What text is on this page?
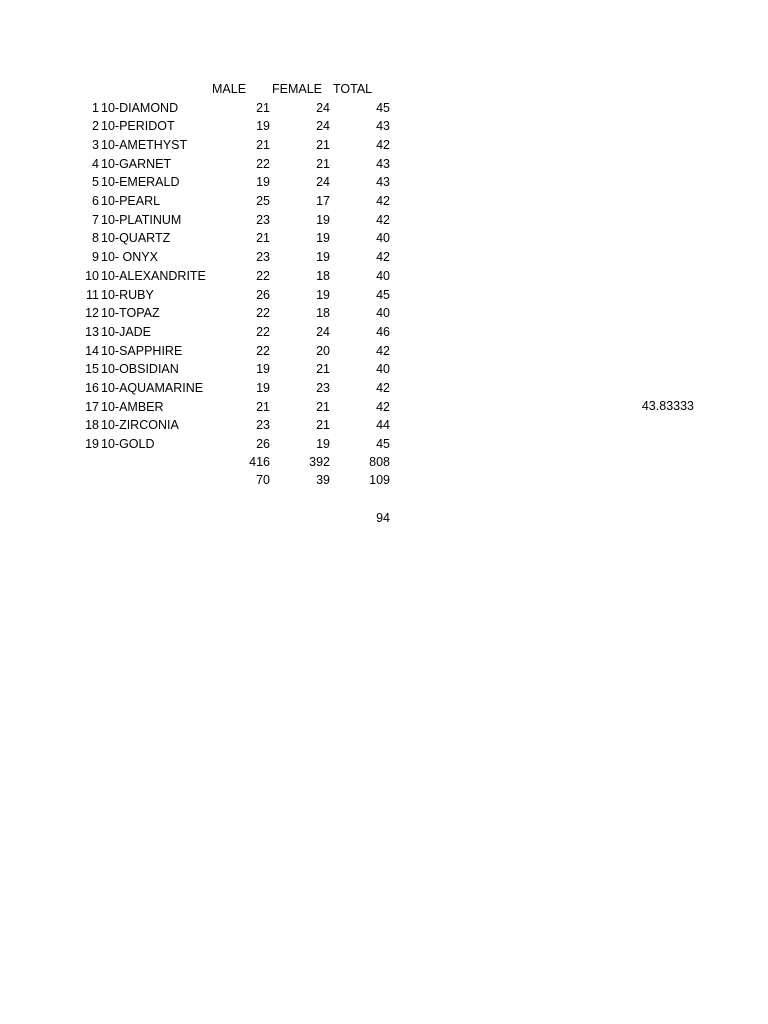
MALE FEMALE TOTAL
1 10-DIAMOND	21	24	45
2 10-PERIDOT	19	24	43
3 10-AMETHYST	21	21	42
4 10-GARNET	22	21	43
5 10-EMERALD	19	24	43
6 10-PEARL	25	17	42
7 10-PLATINUM	23	19	42
8 10-QUARTZ	21	19	40
9 10- ONYX	23	19	42
10 10-ALEXANDRITE	22	18	40
11 10-RUBY	26	19	45
12 10-TOPAZ	22	18	40
13 10-JADE	22	24	46
14 10-SAPPHIRE	22	20	42
15 10-OBSIDIAN	19	21	40
16 10-AQUAMARINE	19	23	42
17 10-AMBER	21	21	42
18 10-ZIRCONIA	23	21	44
19 10-GOLD	26	19	45
416	392	808
70	39	109
94
43.83333
